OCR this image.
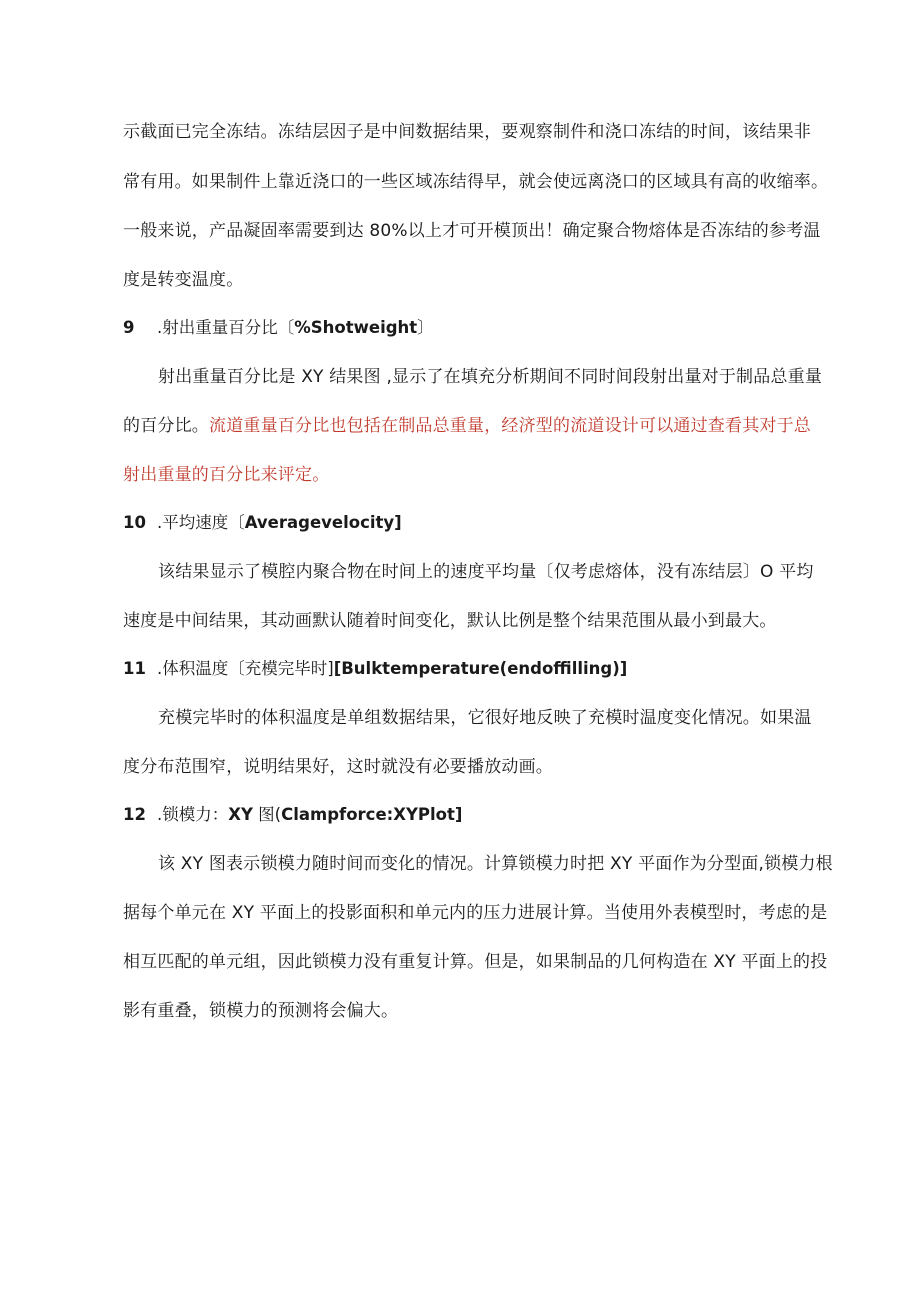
示截面已完全冻结。冻结层因子是中间数据结果，要观察制件和浇口冻结的时间，该结果非
常有用。如果制件上靠近浇口的一些区域冻结得早，就会使远离浇口的区域具有高的收缩率。
一般来说，产品凝固率需要到达 80%以上才可开模顶出！确定聚合物熔体是否冻结的参考温
度是转变温度。
9 .射出重量百分比〔%Shotweight〕
射出重量百分比是 XY 结果图 ,显示了在填充分析期间不同时间段射出量对于制品总重量
的百分比。流道重量百分比也包括在制品总重量，经济型的流道设计可以通过查看其对于总
射出重量的百分比来评定。
10 .平均速度〔Averagevelocity]
该结果显示了模腔内聚合物在时间上的速度平均量〔仅考虑熔体，没有冻结层〕O 平均
速度是中间结果，其动画默认随着时间变化，默认比例是整个结果范围从最小到最大。
11 .体积温度〔充模完毕时][Bulktemperature(endoffilling)]
充模完毕时的体积温度是单组数据结果，它很好地反映了充模时温度变化情况。如果温
度分布范围窄，说明结果好，这时就没有必要播放动画。
12 .锁模力：XY 图(Clampforce:XYPlot]
该 XY 图表示锁模力随时间而变化的情况。计算锁模力时把 XY 平面作为分型面,锁模力根
据每个单元在 XY 平面上的投影面积和单元内的压力进展计算。当使用外表模型时，考虑的是
相互匹配的单元组，因此锁模力没有重复计算。但是，如果制品的几何构造在 XY 平面上的投
影有重叠，锁模力的预测将会偏大。
